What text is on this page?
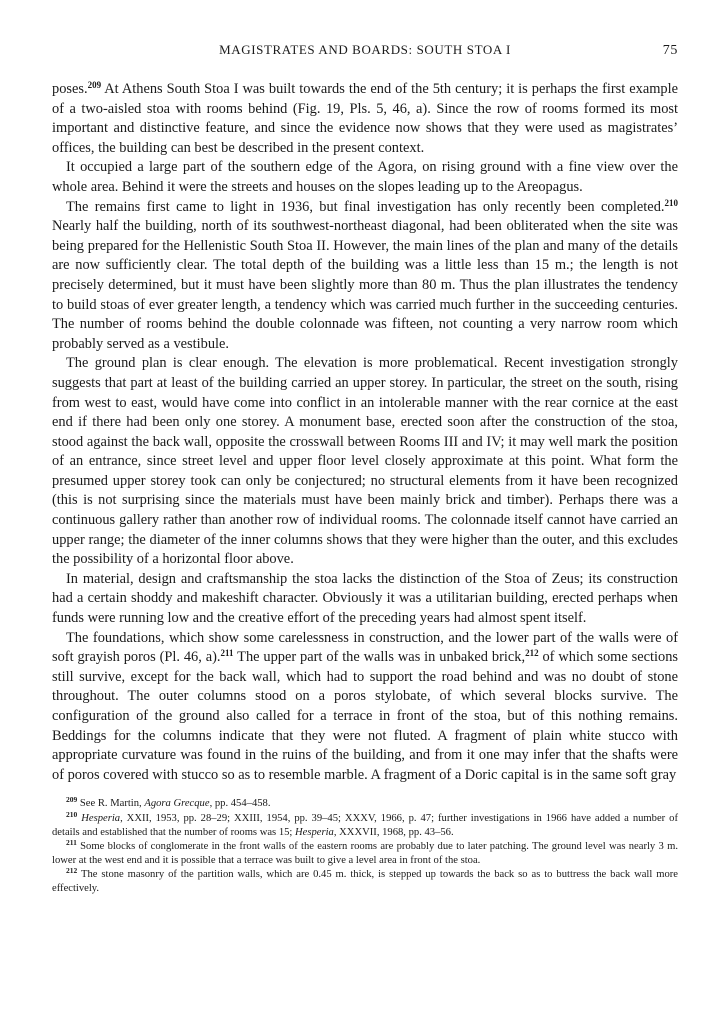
MAGISTRATES AND BOARDS: SOUTH STOA I	75

poses.$^{209}$ At Athens South Stoa I was built towards the end of the 5th century; it is perhaps the first example of a two-aisled stoa with rooms behind (Fig. 19, Pls. 5, 46, a). Since the row of rooms formed its most important and distinctive feature, and since the evidence now shows that they were used as magistrates’ offices, the building can best be described in the present context.

It occupied a large part of the southern edge of the Agora, on rising ground with a fine view over the whole area. Behind it were the streets and houses on the slopes leading up to the Areopagus.

The remains first came to light in 1936, but final investigation has only recently been completed.$^{210}$ Nearly half the building, north of its southwest-northeast diagonal, had been obliterated when the site was being prepared for the Hellenistic South Stoa II. However, the main lines of the plan and many of the details are now sufficiently clear. The total depth of the building was a little less than 15 m.; the length is not precisely determined, but it must have been slightly more than 80 m. Thus the plan illustrates the tendency to build stoas of ever greater length, a tendency which was carried much further in the succeeding centuries. The number of rooms behind the double colonnade was fifteen, not counting a very narrow room which probably served as a vestibule.

The ground plan is clear enough. The elevation is more problematical. Recent investigation strongly suggests that part at least of the building carried an upper storey. In particular, the street on the south, rising from west to east, would have come into conflict in an intolerable manner with the rear cornice at the east end if there had been only one storey. A monument base, erected soon after the construction of the stoa, stood against the back wall, opposite the crosswall between Rooms III and IV; it may well mark the position of an entrance, since street level and upper floor level closely approximate at this point. What form the presumed upper storey took can only be conjectured; no structural elements from it have been recognized (this is not surprising since the materials must have been mainly brick and timber). Perhaps there was a continuous gallery rather than another row of individual rooms. The colonnade itself cannot have carried an upper range; the diameter of the inner columns shows that they were higher than the outer, and this excludes the possibility of a horizontal floor above.

In material, design and craftsmanship the stoa lacks the distinction of the Stoa of Zeus; its construction had a certain shoddy and makeshift character. Obviously it was a utilitarian building, erected perhaps when funds were running low and the creative effort of the preceding years had almost spent itself.

The foundations, which show some carelessness in construction, and the lower part of the walls were of soft grayish poros (Pl. 46, a).$^{211}$ The upper part of the walls was in unbaked brick,$^{212}$ of which some sections still survive, except for the back wall, which had to support the road behind and was no doubt of stone throughout. The outer columns stood on a poros stylobate, of which several blocks survive. The configuration of the ground also called for a terrace in front of the stoa, but of this nothing remains. Beddings for the columns indicate that they were not fluted. A fragment of plain white stucco with appropriate curvature was found in the ruins of the building, and from it one may infer that the shafts were of poros covered with stucco so as to resemble marble. A fragment of a Doric capital is in the same soft gray

$^{209}$ See R. Martin, Agora Grecque, pp. 454–458.

$^{210}$ Hesperia, XXII, 1953, pp. 28–29; XXIII, 1954, pp. 39–45; XXXV, 1966, p. 47; further investigations in 1966 have added a number of details and established that the number of rooms was 15; Hesperia, XXXVII, 1968, pp. 43–56.

$^{211}$ Some blocks of conglomerate in the front walls of the eastern rooms are probably due to later patching. The ground level was nearly 3 m. lower at the west end and it is possible that a terrace was built to give a level area in front of the stoa.

$^{212}$ The stone masonry of the partition walls, which are 0.45 m. thick, is stepped up towards the back so as to buttress the back wall more effectively.
